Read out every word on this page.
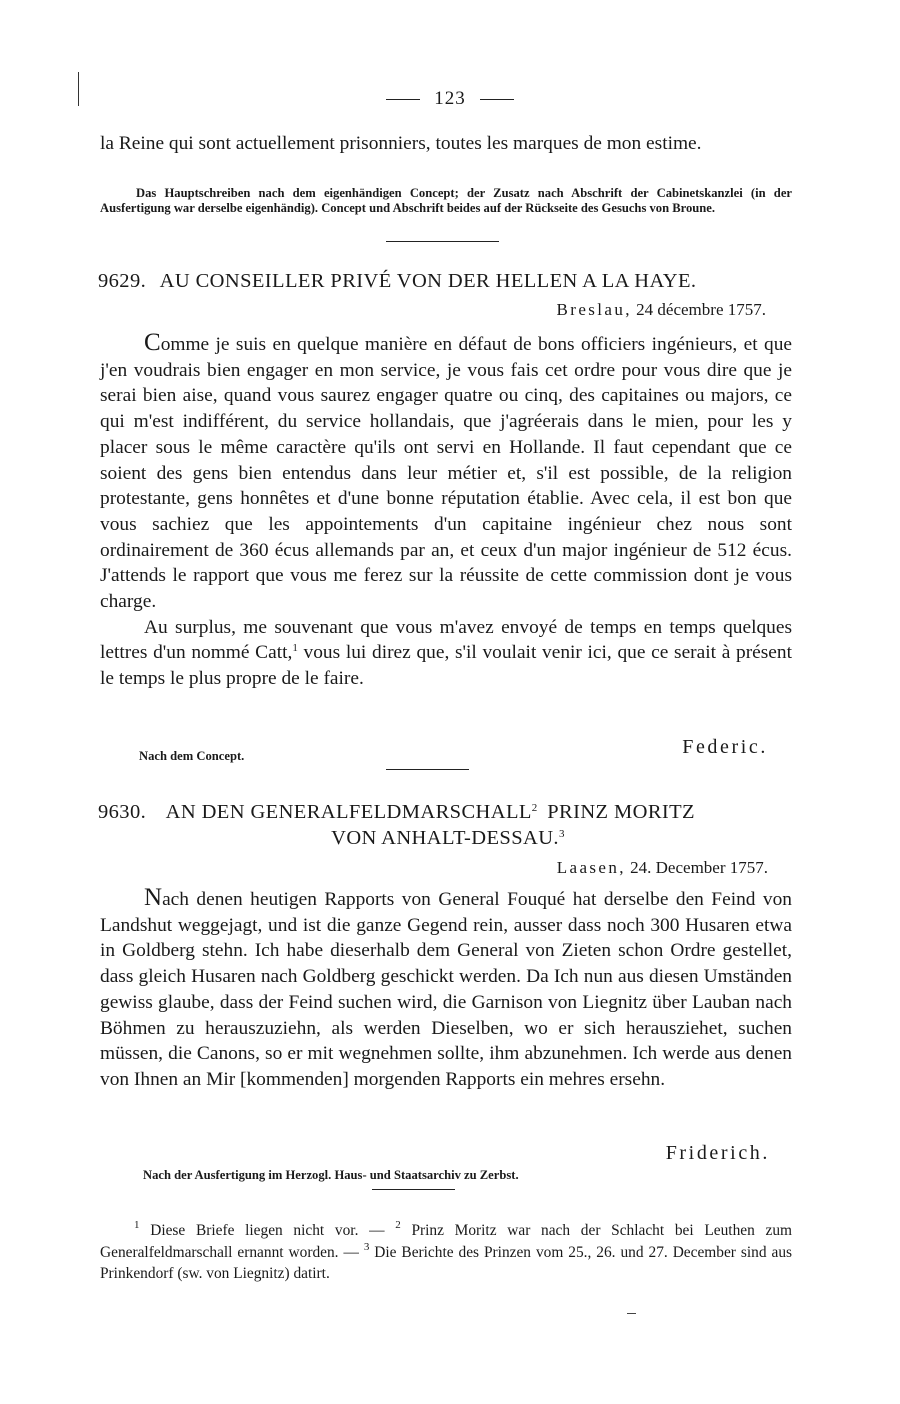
123

la Reine qui sont actuellement prisonniers, toutes les marques de mon estime.

Das Hauptschreiben nach dem eigenhändigen Concept; der Zusatz nach Abschrift der Cabinetskanzlei (in der Ausfertigung war derselbe eigenhändig). Concept und Abschrift beides auf der Rückseite des Gesuchs von Broune.

9629. AU CONSEILLER PRIVÉ VON DER HELLEN A LA HAYE.
Breslau, 24 décembre 1757.

Comme je suis en quelque manière en défaut de bons officiers ingénieurs, et que j'en voudrais bien engager en mon service, je vous fais cet ordre pour vous dire que je serai bien aise, quand vous saurez engager quatre ou cinq, des capitaines ou majors, ce qui m'est indifférent, du service hollandais, que j'agréerais dans le mien, pour les y placer sous le même caractère qu'ils ont servi en Hollande. Il faut cependant que ce soient des gens bien entendus dans leur métier et, s'il est possible, de la religion protestante, gens honnêtes et d'une bonne réputation établie. Avec cela, il est bon que vous sachiez que les appointements d'un capitaine ingénieur chez nous sont ordinairement de 360 écus allemands par an, et ceux d'un major ingénieur de 512 écus. J'attends le rapport que vous me ferez sur la réussite de cette commission dont je vous charge.

Au surplus, me souvenant que vous m'avez envoyé de temps en temps quelques lettres d'un nommé Catt,$^1$ vous lui direz que, s'il voulait venir ici, que ce serait à présent le temps le plus propre de le faire.

Nach dem Concept.	Federic.
9630. AN DEN GENERALFELDMARSCHALL$^2$ PRINZ MORITZ
VON ANHALT-DESSAU.$^3$
Laasen, 24. December 1757.

Nach denen heutigen Rapports von General Fouqué hat derselbe den Feind von Landshut weggejagt, und ist die ganze Gegend rein, ausser dass noch 300 Husaren etwa in Goldberg stehn. Ich habe dieserhalb dem General von Zieten schon Ordre gestellet, dass gleich Husaren nach Goldberg geschickt werden. Da Ich nun aus diesen Umständen gewiss glaube, dass der Feind suchen wird, die Garnison von Liegnitz über Lauban nach Böhmen zu herauszuziehn, als werden Dieselben, wo er sich herausziehet, suchen müssen, die Canons, so er mit wegnehmen sollte, ihm abzunehmen. Ich werde aus denen von Ihnen an Mir [kommenden] morgenden Rapports ein mehres ersehn.

Friderich.
Nach der Ausfertigung im Herzogl. Haus- und Staatsarchiv zu Zerbst.

$^1$ Diese Briefe liegen nicht vor. — $^2$ Prinz Moritz war nach der Schlacht bei Leuthen zum Generalfeldmarschall ernannt worden. — $^3$ Die Berichte des Prinzen vom 25., 26. und 27. December sind aus Prinkendorf (sw. von Liegnitz) datirt.
